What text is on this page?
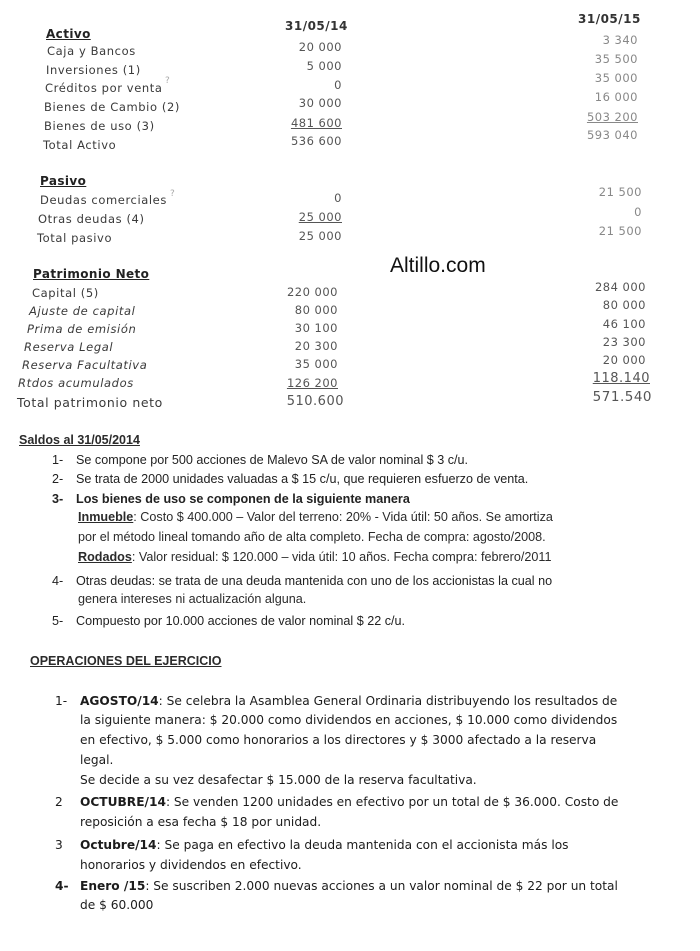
31/05/14	31/05/15
Activo
Caja y Bancos	20 000	3 340
Inversiones (1)	5 000	35 500
Créditos por venta ?	0	35 000
Bienes de Cambio (2)	30 000	16 000
Bienes de uso (3)	481 600	503 200
Total Activo	536 600	593 040
Pasivo
Deudas comerciales ?	0	21 500
Otras deudas (4)	25 000	0
Total pasivo	25 000	21 500
Patrimonio Neto
Capital (5)	220 000	284 000
Ajuste de capital	80 000	80 000
Prima de emisión	30 100	46 100
Reserva Legal	20 300	23 300
Reserva Facultativa	35 000	20 000
Rtdos acumulados	126 200	118.140
Total patrimonio neto	510.600	571.540
Altillo.com
Saldos al 31/05/2014
1- Se compone por 500 acciones de Malevo SA de valor nominal $ 3 c/u.
2- Se trata de 2000 unidades valuadas a $ 15 c/u, que requieren esfuerzo de venta.
3- Los bienes de uso se componen de la siguiente manera
Inmueble: Costo $ 400.000 – Valor del terreno: 20% - Vida útil: 50 años. Se amortiza
por el método lineal tomando año de alta completo. Fecha de compra: agosto/2008.
Rodados: Valor residual: $ 120.000 – vida útil: 10 años. Fecha compra: febrero/2011
4- Otras deudas: se trata de una deuda mantenida con uno de los accionistas la cual no
genera intereses ni actualización alguna.
5- Compuesto por 10.000 acciones de valor nominal $ 22 c/u.
OPERACIONES DEL EJERCICIO
1- AGOSTO/14: Se celebra la Asamblea General Ordinaria distribuyendo los resultados de
la siguiente manera: $ 20.000 como dividendos en acciones, $ 10.000 como dividendos
en efectivo, $ 5.000 como honorarios a los directores y $ 3000 afectado a la reserva
legal.
Se decide a su vez desafectar $ 15.000 de la reserva facultativa.
2 OCTUBRE/14: Se venden 1200 unidades en efectivo por un total de $ 36.000. Costo de
reposición a esa fecha $ 18 por unidad.
3 Octubre/14: Se paga en efectivo la deuda mantenida con el accionista más los
honorarios y dividendos en efectivo.
4- Enero /15: Se suscriben 2.000 nuevas acciones a un valor nominal de $ 22 por un total
de $ 60.000
